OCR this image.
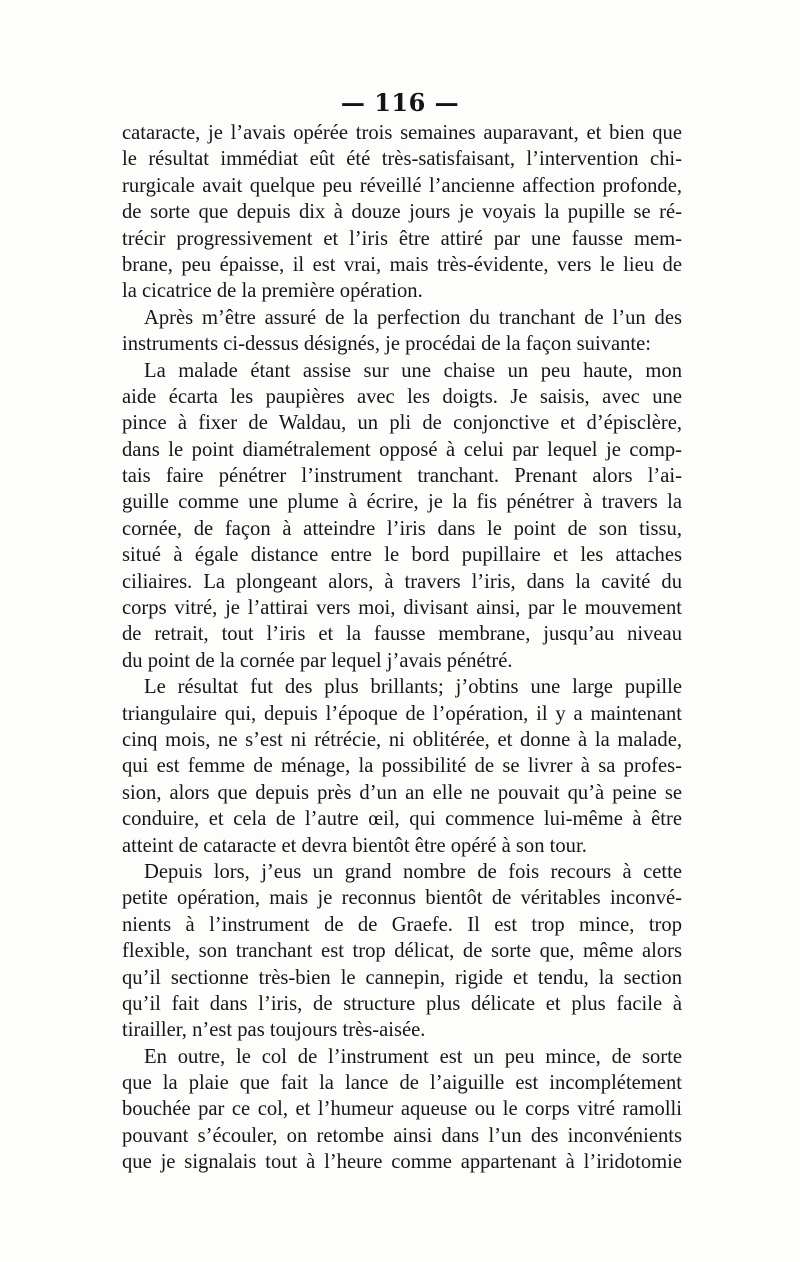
— 116 —
cataracte, je l’avais opérée trois semaines auparavant, et bien que
le résultat immédiat eût été très-satisfaisant, l’intervention chi-
rurgicale avait quelque peu réveillé l’ancienne affection profonde,
de sorte que depuis dix à douze jours je voyais la pupille se ré-
trécir progressivement et l’iris être attiré par une fausse mem-
brane, peu épaisse, il est vrai, mais très-évidente, vers le lieu de
la cicatrice de la première opération.
Après m’être assuré de la perfection du tranchant de l’un des
instruments ci-dessus désignés, je procédai de la façon suivante:
La malade étant assise sur une chaise un peu haute, mon
aide écarta les paupières avec les doigts. Je saisis, avec une
pince à fixer de Waldau, un pli de conjonctive et d’épisclère,
dans le point diamétralement opposé à celui par lequel je comp-
tais faire pénétrer l’instrument tranchant. Prenant alors l’ai-
guille comme une plume à écrire, je la fis pénétrer à travers la
cornée, de façon à atteindre l’iris dans le point de son tissu,
situé à égale distance entre le bord pupillaire et les attaches
ciliaires. La plongeant alors, à travers l’iris, dans la cavité du
corps vitré, je l’attirai vers moi, divisant ainsi, par le mouvement
de retrait, tout l’iris et la fausse membrane, jusqu’au niveau
du point de la cornée par lequel j’avais pénétré.
Le résultat fut des plus brillants; j’obtins une large pupille
triangulaire qui, depuis l’époque de l’opération, il y a maintenant
cinq mois, ne s’est ni rétrécie, ni oblitérée, et donne à la malade,
qui est femme de ménage, la possibilité de se livrer à sa profes-
sion, alors que depuis près d’un an elle ne pouvait qu’à peine se
conduire, et cela de l’autre œil, qui commence lui-même à être
atteint de cataracte et devra bientôt être opéré à son tour.
Depuis lors, j’eus un grand nombre de fois recours à cette
petite opération, mais je reconnus bientôt de véritables inconvé-
nients à l’instrument de de Graefe. Il est trop mince, trop
flexible, son tranchant est trop délicat, de sorte que, même alors
qu’il sectionne très-bien le cannepin, rigide et tendu, la section
qu’il fait dans l’iris, de structure plus délicate et plus facile à
tirailler, n’est pas toujours très-aisée.
En outre, le col de l’instrument est un peu mince, de sorte
que la plaie que fait la lance de l’aiguille est incomplétement
bouchée par ce col, et l’humeur aqueuse ou le corps vitré ramolli
pouvant s’écouler, on retombe ainsi dans l’un des inconvénients
que je signalais tout à l’heure comme appartenant à l’iridotomie
